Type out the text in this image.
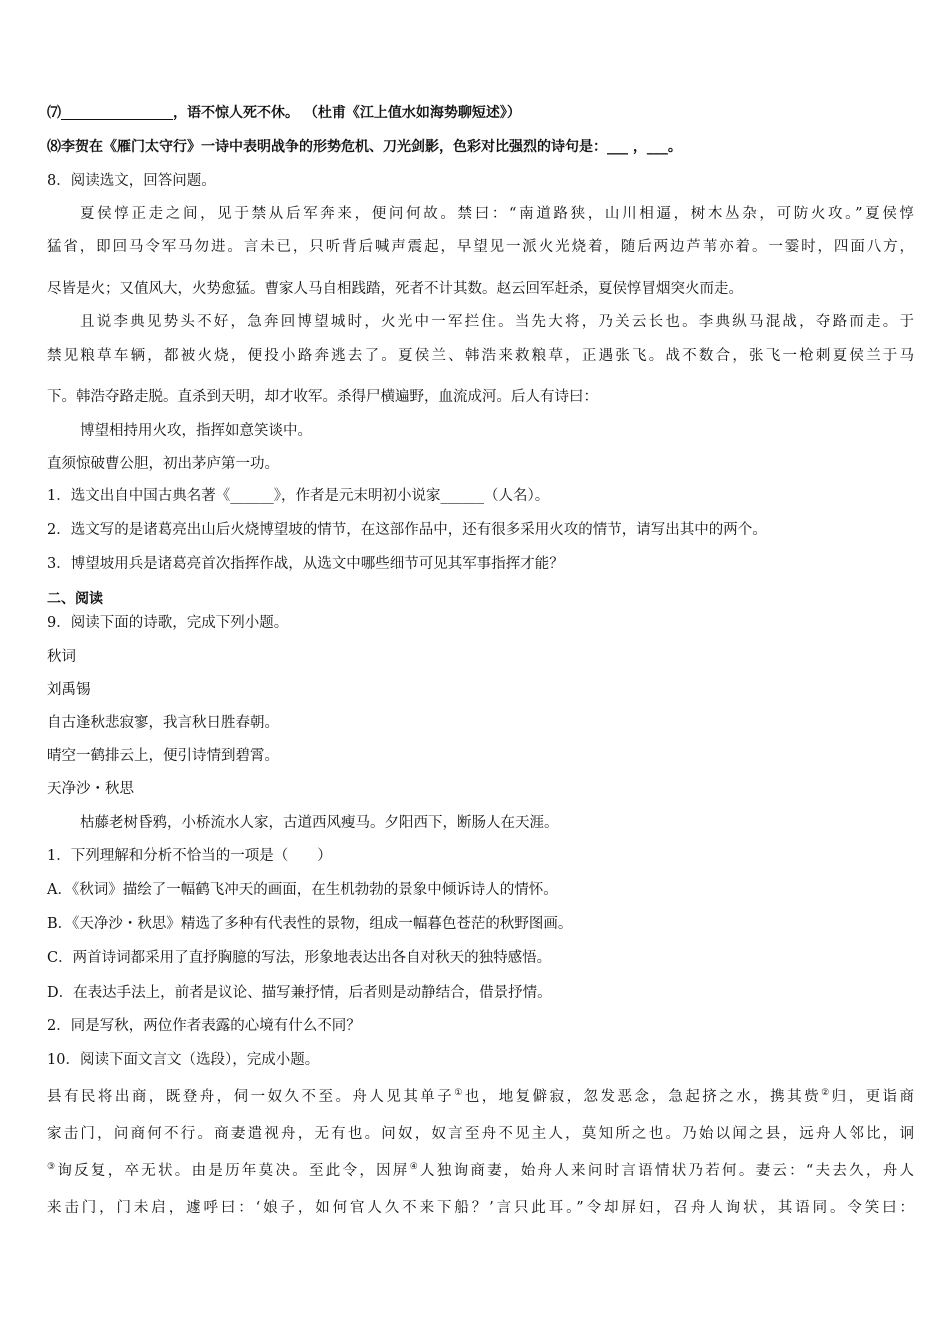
⑺	，语不惊人死不休。 （杜甫《江上值水如海势聊短述》）
⑻李贺在《雁门太守行》一诗中表明战争的形势危机、刀光剑影，色彩对比强烈的诗句是：___ ，___。
8．阅读选文，回答问题。
夏侯惇正走之间，见于禁从后军奔来，便问何故。禁曰：“南道路狭，山川相逼，树木丛杂，可防火攻。”夏侯惇
猛省，即回马令军马勿进。言未已，只听背后喊声震起，早望见一派火光烧着，随后两边芦苇亦着。一霎时，四面八方，
尽皆是火；又值风大，火势愈猛。曹家人马自相践踏，死者不计其数。赵云回军赶杀，夏侯惇冒烟突火而走。
且说李典见势头不好，急奔回博望城时，火光中一军拦住。当先大将，乃关云长也。李典纵马混战，夺路而走。于
禁见粮草车辆，都被火烧，便投小路奔逃去了。夏侯兰、韩浩来救粮草，正遇张飞。战不数合，张飞一枪刺夏侯兰于马
下。韩浩夺路走脱。直杀到天明，却才收军。杀得尸横遍野，血流成河。后人有诗曰：
博望相持用火攻，指挥如意笑谈中。
直须惊破曹公胆，初出茅庐第一功。
1．选文出自中国古典名著《______》，作者是元末明初小说家______（人名）。
2．选文写的是诸葛亮出山后火烧博望坡的情节，在这部作品中，还有很多采用火攻的情节，请写出其中的两个。
3．博望坡用兵是诸葛亮首次指挥作战，从选文中哪些细节可见其军事指挥才能？
二、阅读
9．阅读下面的诗歌，完成下列小题。
秋词
刘禹锡
自古逢秋悲寂寥，我言秋日胜春朝。
晴空一鹤排云上，便引诗情到碧霄。
天净沙・秋思
枯藤老树昏鸦，小桥流水人家，古道西风瘦马。夕阳西下，断肠人在天涯。
1．下列理解和分析不恰当的一项是（　　）
A．《秋词》描绘了一幅鹤飞冲天的画面，在生机勃勃的景象中倾诉诗人的情怀。
B．《天净沙・秋思》精选了多种有代表性的景物，组成一幅暮色苍茫的秋野图画。
C．两首诗词都采用了直抒胸臆的写法，形象地表达出各自对秋天的独特感悟。
D．在表达手法上，前者是议论、描写兼抒情，后者则是动静结合，借景抒情。
2．同是写秋，两位作者表露的心境有什么不同？
10．阅读下面文言文（选段），完成小题。
县有民将出商，既登舟，伺一奴久不至。舟人见其单子①也，地复僻寂，忽发恶念，急起挤之水，携其赀②归，更诣商
家击门，问商何不行。商妻遣视舟，无有也。问奴，奴言至舟不见主人，莫知所之也。乃始以闻之县，远舟人邻比，诇
③询反复，卒无状。由是历年莫决。至此令，因屏④人独询商妻，始舟人来问时言语情状乃若何。妻云：“夫去久，舟人
来击门，门未启，遽呼曰：‘娘子，如何官人久不来下船？’言只此耳。”令却屏妇，召舟人询状，其语同。令笑曰：
